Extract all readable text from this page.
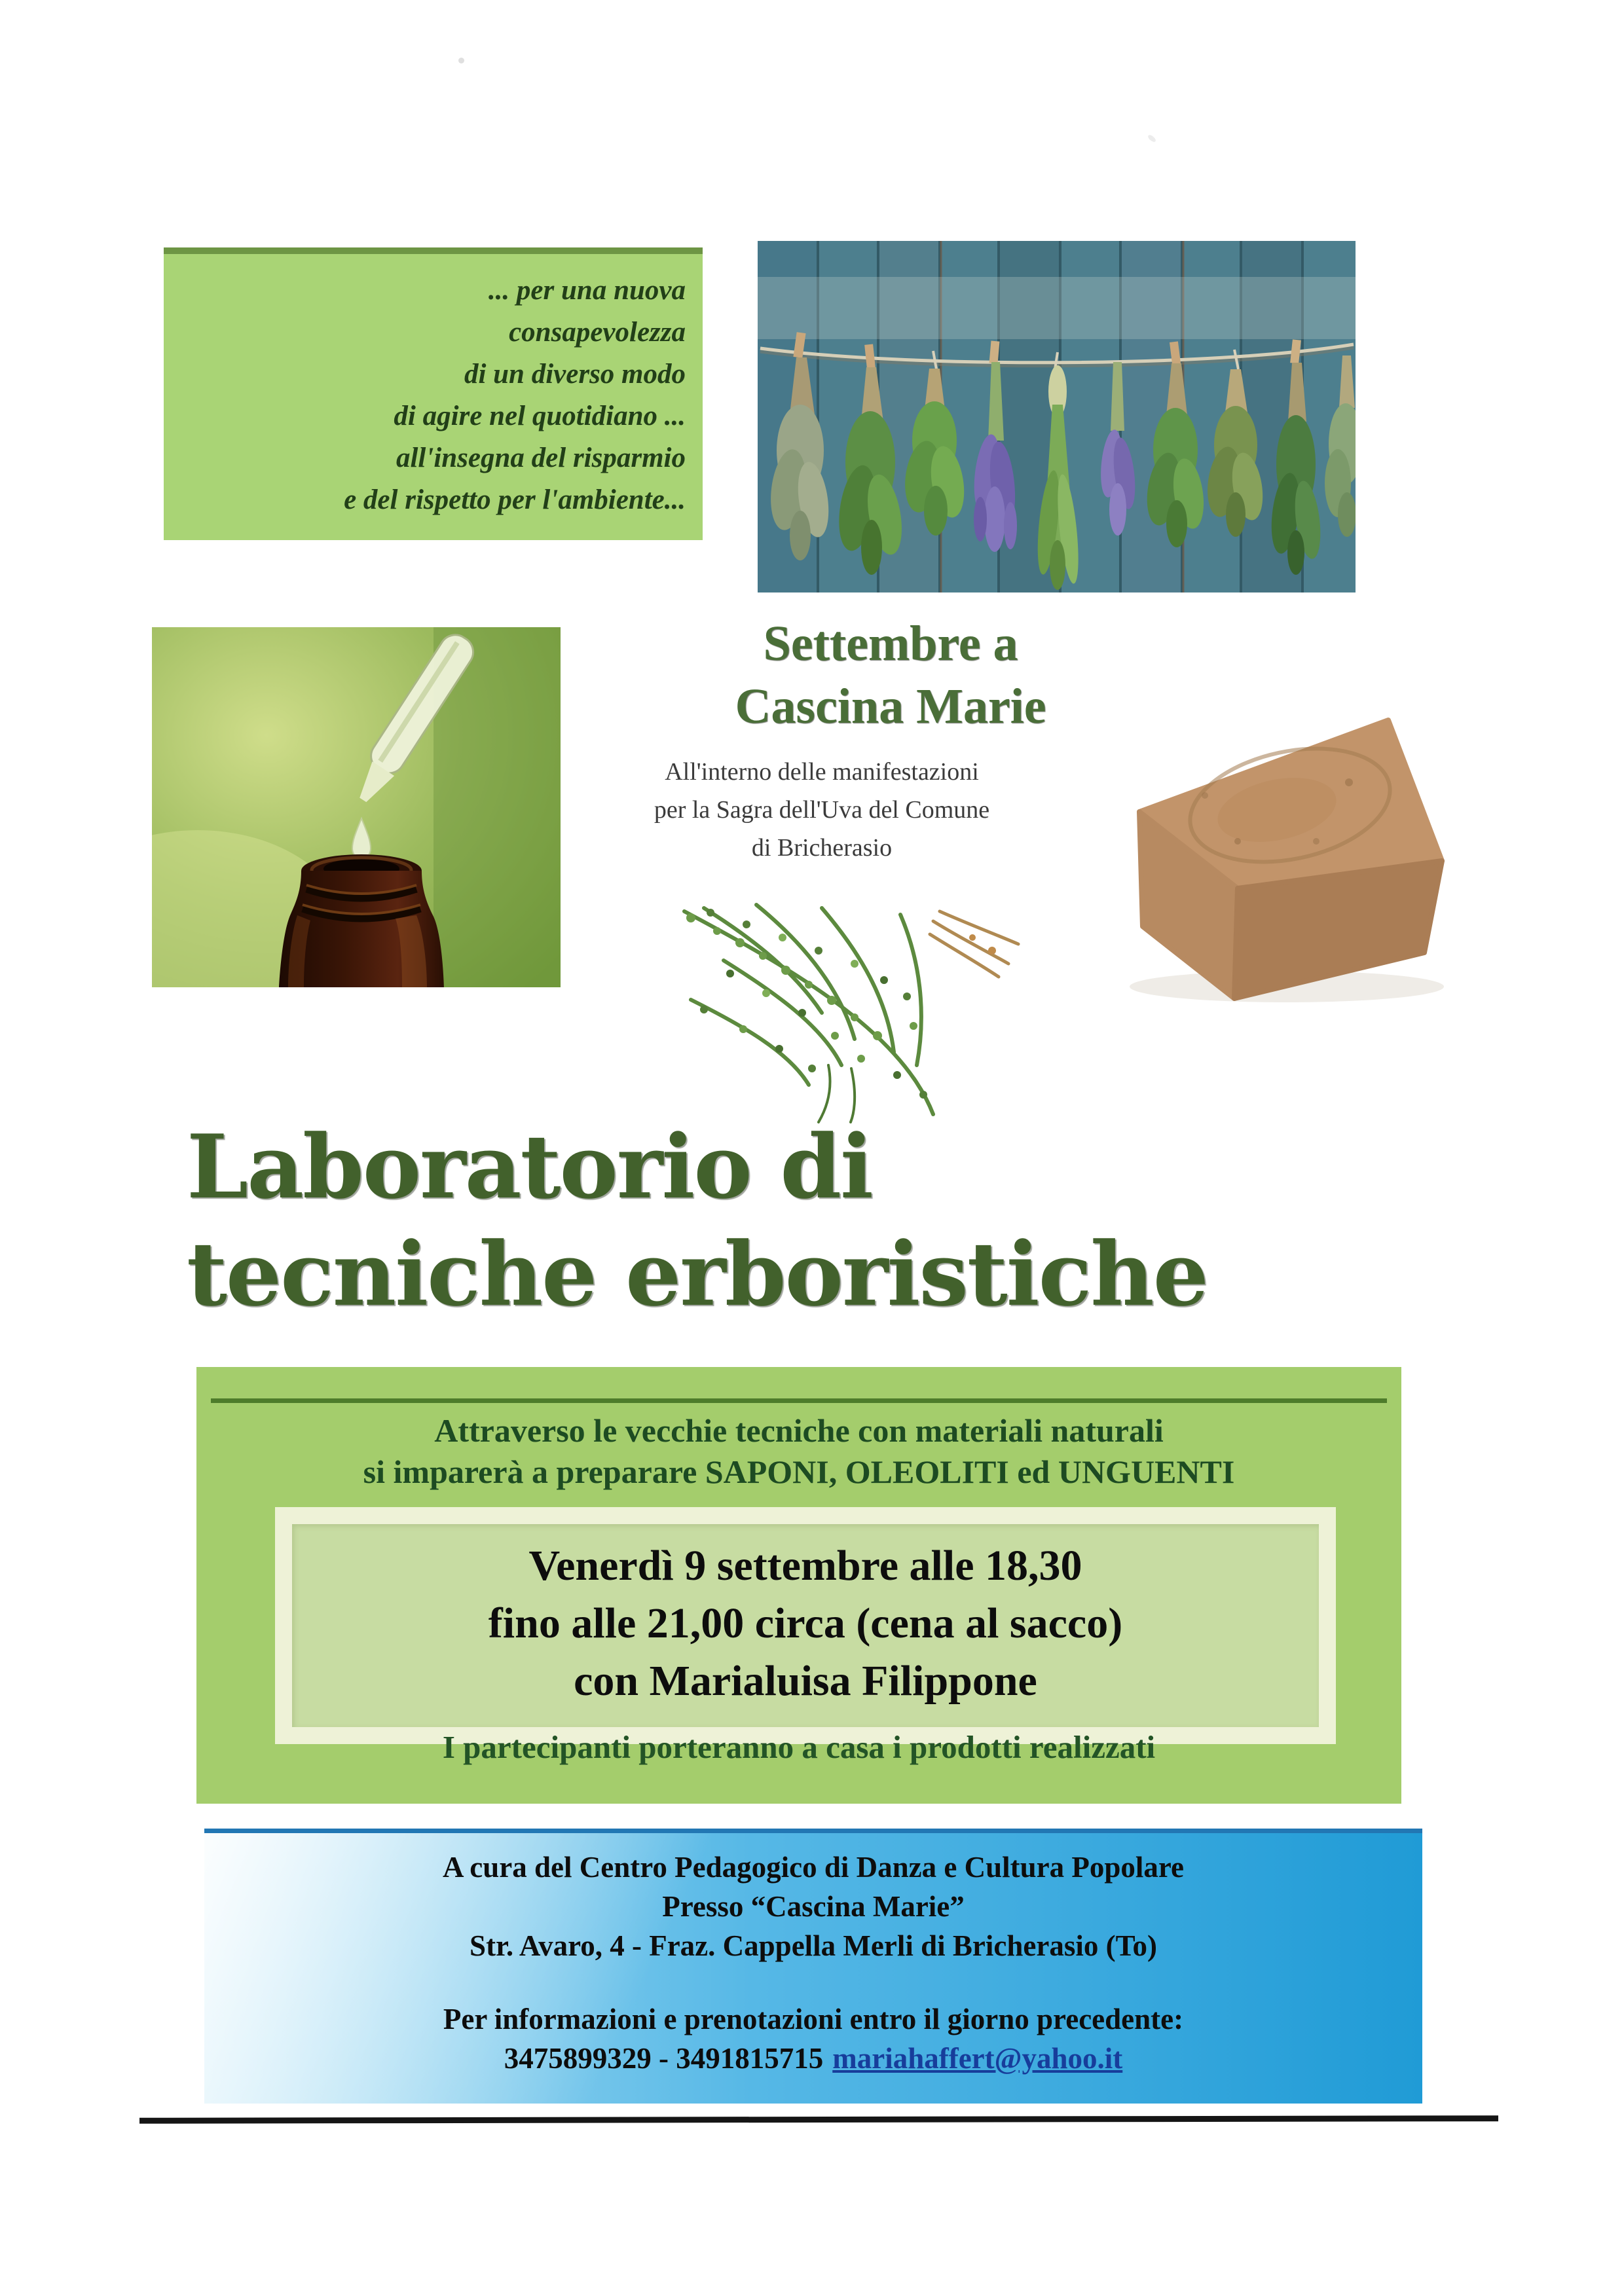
... per una nuova
consapevolezza
di un diverso modo
di agire nel quotidiano ...
all'insegna del risparmio
e del rispetto per l'ambiente...
Settembre a
Cascina Marie
All'interno delle manifestazioni
per la Sagra dell'Uva del Comune
di Bricherasio
Laboratorio di
tecniche erboristiche
Attraverso le vecchie tecniche con materiali naturali
si imparerà a preparare SAPONI, OLEOLITI ed UNGUENTI
Venerdì 9 settembre alle 18,30
fino alle 21,00 circa (cena al sacco)
con Marialuisa Filippone
I partecipanti porteranno a casa i prodotti realizzati
A cura del Centro Pedagogico di Danza e Cultura Popolare
Presso “Cascina Marie”
Str. Avaro, 4 - Fraz. Cappella Merli di Bricherasio (To)
Per informazioni e prenotazioni entro il giorno precedente:
3475899329 - 3491815715 mariahaffert@yahoo.it
